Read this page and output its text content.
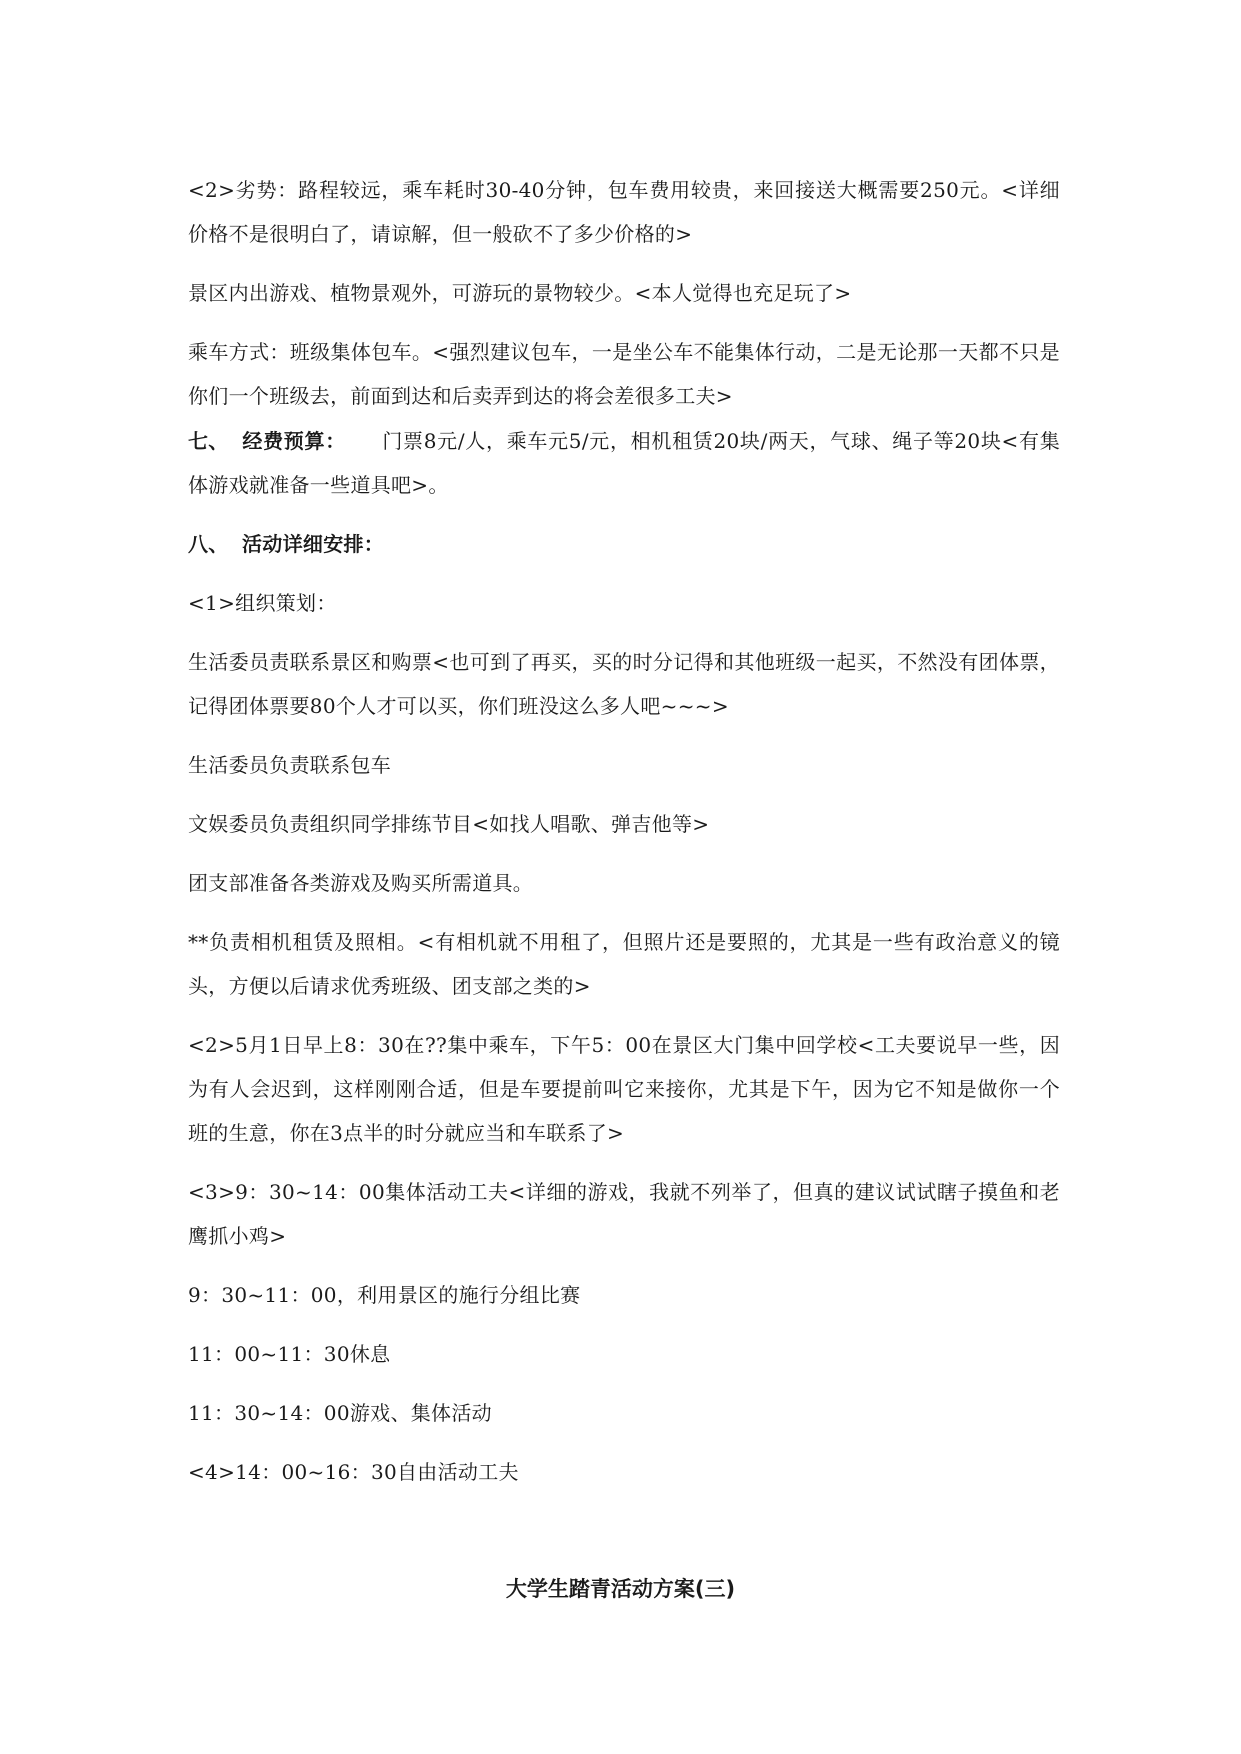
<2>劣势：路程较远，乘车耗时30-40分钟，包车费用较贵，来回接送大概需要250元。<详细价格不是很明白了，请谅解，但一般砍不了多少价格的>

景区内出游戏、植物景观外，可游玩的景物较少。<本人觉得也充足玩了>

乘车方式：班级集体包车。<强烈建议包车，一是坐公车不能集体行动，二是无论那一天都不只是你们一个班级去，前面到达和后卖弄到达的将会差很多工夫>

七、 经费预算： 门票8元/人，乘车元5/元，相机租赁20块/两天，气球、绳子等20块<有集体游戏就准备一些道具吧>。

八、 活动详细安排：

<1>组织策划：

生活委员责联系景区和购票<也可到了再买，买的时分记得和其他班级一起买，不然没有团体票，记得团体票要80个人才可以买，你们班没这么多人吧~~~>

生活委员负责联系包车

文娱委员负责组织同学排练节目<如找人唱歌、弹吉他等>

团支部准备各类游戏及购买所需道具。

**负责相机租赁及照相。<有相机就不用租了，但照片还是要照的，尤其是一些有政治意义的镜头，方便以后请求优秀班级、团支部之类的>

<2>5月1日早上8：30在??集中乘车，下午5：00在景区大门集中回学校<工夫要说早一些，因为有人会迟到，这样刚刚合适，但是车要提前叫它来接你，尤其是下午，因为它不知是做你一个班的生意，你在3点半的时分就应当和车联系了>

<3>9：30~14：00集体活动工夫<详细的游戏，我就不列举了，但真的建议试试瞎子摸鱼和老鹰抓小鸡>

9：30~11：00，利用景区的施行分组比赛

11：00~11：30休息

11：30~14：00游戏、集体活动

<4>14：00~16：30自由活动工夫

大学生踏青活动方案(三)
